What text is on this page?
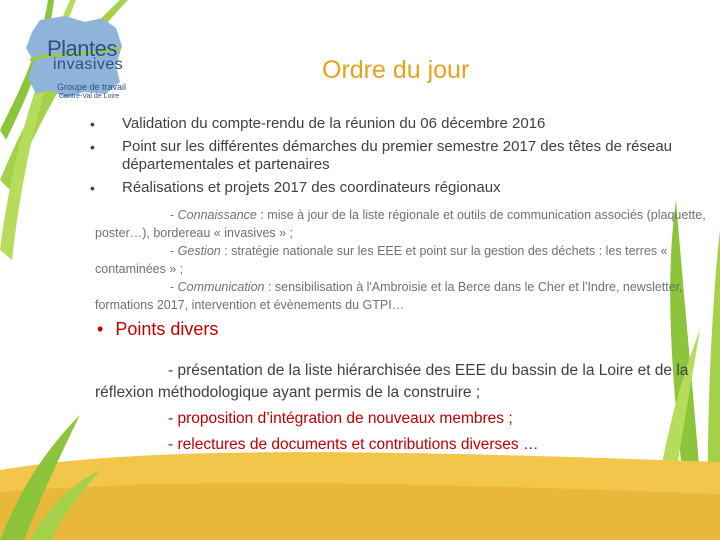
Plantes
invasives
Groupe de travail
Centre-Val de Loire
Ordre du jour
• Validation du compte-rendu de la réunion du 06 décembre 2016
• Point sur les différentes démarches du premier semestre 2017 des têtes de réseau départementales et partenaires
• Réalisations et projets 2017 des coordinateurs régionaux
- Connaissance : mise à jour de la liste régionale et outils de communication associés (plaquette, poster…), bordereau « invasives » ;
- Gestion : stratégie nationale sur les EEE et point sur la gestion des déchets : les terres « contaminées » ;
- Communication : sensibilisation à l'Ambroisie et la Berce dans le Cher et l'Indre, newsletter, formations 2017, intervention et évènements du GTPI…
• Points divers
- présentation de la liste hiérarchisée des EEE du bassin de la Loire et de la réflexion méthodologique ayant permis de la construire ;
- proposition d’intégration de nouveaux membres ;
- relectures de documents et contributions diverses …
